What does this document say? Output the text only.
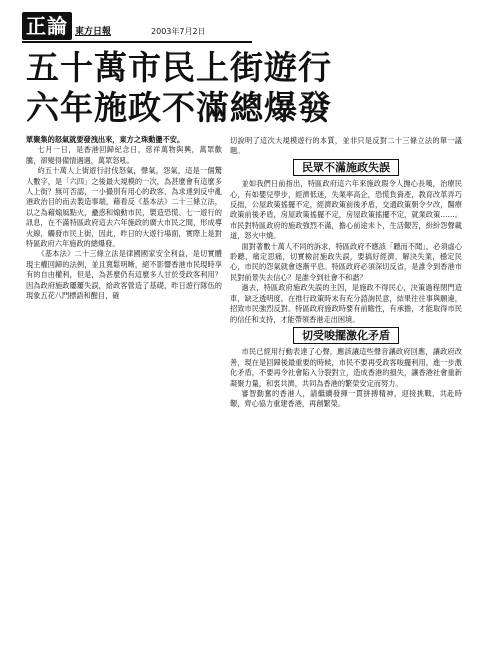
正論 東方日報	2003年7月2日
五十萬市民上街遊行
六年施政不滿總爆發

眾聚集的怒氣就要發洩出來，東方之珠動盪不安。

七月一日，是香港回歸紀念日，慈祥萬物與興，萬眾歡騰，卻變得備情遇遇，萬眾怒吼。

約五十萬人上街遊行討伐怒氣，聲氣，怨氣，這是一個驚人數字，是「六四」之後最大規模的一次，為甚麼會有這麼多人上街？無可否認，一小撮別有用心的政客，為求達到反中亂港政治目的而去製造事端，藉看反《基本法》二十三條立法，以之為藉煽風點火，蠱惑和煽動市民，製造恐慌、七一遊行的訊息，在不滿特區政府這去六年施政的廣大市民之間，形成導火線，觸發市民上街，因此，昨日的大遊行場面，實際上是對特區政府六年施政的總爆發。

《基本法》二十三條立法是律國國家安全利益，是切實體現主權回歸的法例，並且寬鬆明晰，絕不影響香港市民現時享有的自由權利，但是，為甚麼仍有這麼多人甘於受政客利用？因為政府施政屢屢失誤，給政客營造了基礎，昨日遊行隊伍的現象五花八門標語和醒目，確

切說明了這次大規模遊行的本質，並非只是反對二十三條立法的單一議題。

民眾不滿施政失誤

並如我們日前指出，特區政府這六年來施政瑕令人撫心長嘆，治療民心，有如嬰兒學步，經濟低迷，失業率高企，恐慌負資產，教育改革弄巧反拙，公屋政策搖擺不定，經濟政策前後矛盾，交通政策朝令夕改，醫療政策前後矛盾，房屋政策搖擺不定，房屋政策搖擺不定，就業政策……。市民對特區政府的施政強烈不滿，擔心前途未卜，生活艱苦，紛紛怨聲載道，怒火中燒。

面對著數十萬人不同的訴求，特區政府不應該「聽而不聞」，必須虛心聆聽，痛定思痛，切實檢討施政失誤，要搞好經濟，解決失業，穩定民心，市民的怨氣就會逐漸平息。特區政府必須深切反省，是誰令到香港市民對前景失去信心？是誰令到社會不和諧？

過去，特區政府施政失誤的主因，是施政不得民心，決策過程閉門造車，缺乏透明度。在推行政策時未有充分諮詢民意，結果往往事與願違，招致市民強烈反對。特區政府施政時要有前瞻性，有承擔，才能取得市民的信任和支持，才能帶領香港走出困境。

切受唆擺激化矛盾

市民已經用行動表達了心聲，應該讓這些聲音讓政府回應，讓政府改善，現在是回歸後最重要的時候，市民不要再受政客唆擺利用，進一步激化矛盾，不要再令社會陷入分裂對立，造成香港的損失，讓香港社會重新凝聚力量，和衷共濟，共同為香港的繁榮安定而努力。

審智勤奮的香港人，請繼續發揮一貫拼搏精神，迎接挑戰，共赴時艱，齊心協力重建香港，再創繁榮。
